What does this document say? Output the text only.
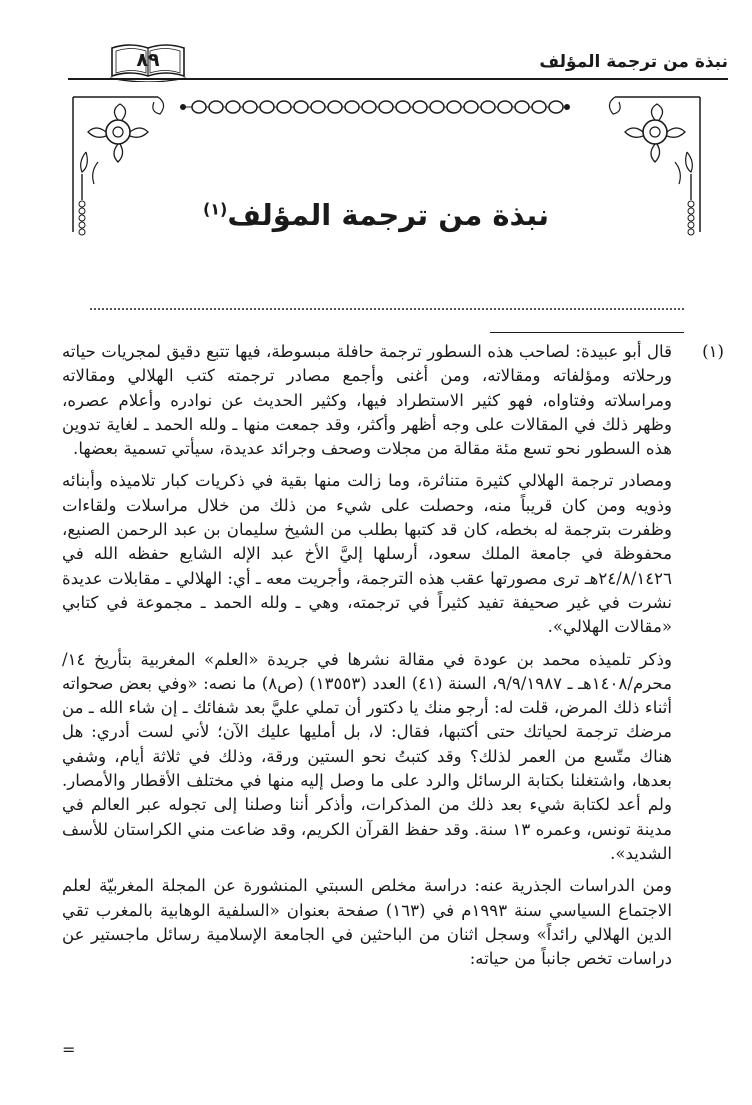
نبذة من ترجمة المؤلف
٨٩
نبذة من ترجمة المؤلف$^{(١)}$
(١)

قال أبو عبيدة: لصاحب هذه السطور ترجمة حافلة مبسوطة، فيها تتبع دقيق لمجريات حياته ورحلاته ومؤلفاته ومقالاته، ومن أغنى وأجمع مصادر ترجمته كتب الهلالي ومقالاته ومراسلاته وفتاواه، فهو كثير الاستطراد فيها، وكثير الحديث عن نوادره وأعلام عصره، وظهر ذلك في المقالات على وجه أظهر وأكثر، وقد جمعت منها ـ ولله الحمد ـ لغاية تدوين هذه السطور نحو تسع مئة مقالة من مجلات وصحف وجرائد عديدة، سيأتي تسمية بعضها.

ومصادر ترجمة الهلالي كثيرة متناثرة، وما زالت منها بقية في ذكريات كبار تلاميذه وأبنائه وذويه ومن كان قريباً منه، وحصلت على شيء من ذلك من خلال مراسلات ولقاءات وظفرت بترجمة له بخطه، كان قد كتبها بطلب من الشيخ سليمان بن عبد الرحمن الصنيع، محفوظة في جامعة الملك سعود، أرسلها إليَّ الأخ عبد الإله الشايع حفظه الله في ٢٤/٨/١٤٢٦هـ ترى مصورتها عقب هذه الترجمة، وأجريت معه ـ أي: الهلالي ـ مقابلات عديدة نشرت في غير صحيفة تفيد كثيراً في ترجمته، وهي ـ ولله الحمد ـ مجموعة في كتابي «مقالات الهلالي».

وذكر تلميذه محمد بن عودة في مقالة نشرها في جريدة «العلم» المغربية بتأريخ ١٤/ محرم/١٤٠٨هـ ـ ٩/٩/١٩٨٧، السنة (٤١) العدد (١٣٥٥٣) (ص٨) ما نصه: «وفي بعض صحواته أثناء ذلك المرض، قلت له: أرجو منك يا دكتور أن تملي عليَّ بعد شفائك ـ إن شاء الله ـ من مرضك ترجمة لحياتك حتى أكتبها، فقال: لا، بل أمليها عليك الآن؛ لأني لست أدري: هل هناك متّسع من العمر لذلك؟ وقد كتبتُ نحو الستين ورقة، وذلك في ثلاثة أيام، وشفي بعدها، واشتغلنا بكتابة الرسائل والرد على ما وصل إليه منها في مختلف الأقطار والأمصار. ولم أعد لكتابة شيء بعد ذلك من المذكرات، وأذكر أننا وصلنا إلى تجوله عبر العالم في مدينة تونس، وعمره ١٣ سنة. وقد حفظ القرآن الكريم، وقد ضاعت مني الكراستان للأسف الشديد».

ومن الدراسات الجذرية عنه: دراسة مخلص السبتي المنشورة عن المجلة المغربيّة لعلم الاجتماع السياسي سنة ١٩٩٣م في (١٦٣) صفحة بعنوان «السلفية الوهابية بالمغرب تقي الدين الهلالي رائداً» وسجل اثنان من الباحثين في الجامعة الإسلامية رسائل ماجستير عن دراسات تخص جانباً من حياته:

=
